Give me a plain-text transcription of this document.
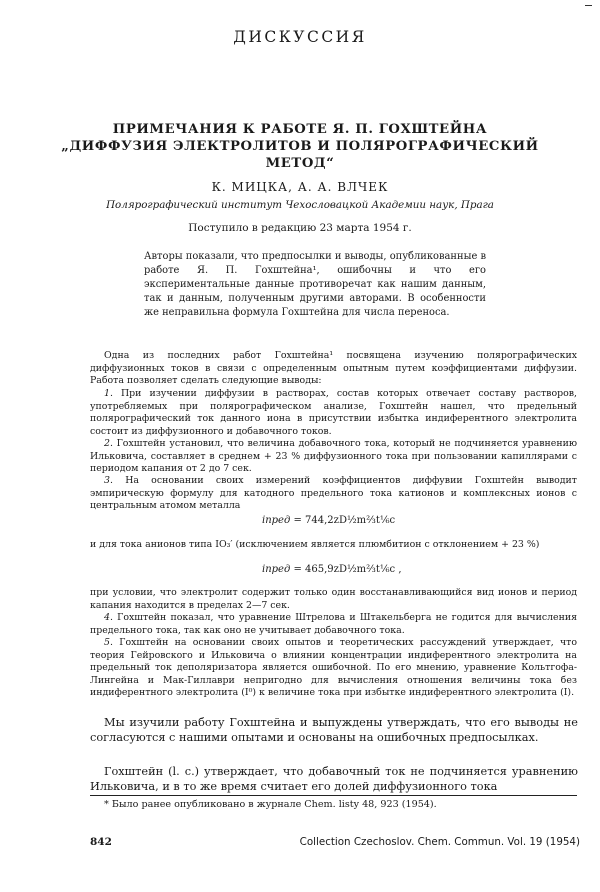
ДИСКУССИЯ
ПРИМЕЧАНИЯ К РАБОТЕ Я. П. ГОХШТЕЙНА
„ДИФФУЗИЯ ЭЛЕКТРОЛИТОВ И ПОЛЯРОГРАФИЧЕСКИЙ
МЕТОД“
К. МИЦКА, А. А. ВЛЧЕК
Полярографический институт Чехословацкой Академии наук, Прага
Поступило в редакцию 23 марта 1954 г.
Авторы показали, что предпосылки и выводы, опубликованные в работе Я. П. Гохштейна¹, ошибочны и что его экспериментальные данные противоречат как нашим данным, так и данным, полученным другими авторами. В особенности же неправильна формула Гохштейна для числа переноса.
Одна из последних работ Гохштейна¹ посвящена изучению полярографических диффузионных токов в связи с определенным опытным путем коэффициентами диффузии. Работа позволяет сделать следующие выводы:
1. При изучении диффузии в растворах, состав которых отвечает составу растворов, употребляемых при полярографическом анализе, Гохштейн нашел, что предельный полярографический ток данного иона в присутствии избытка индиферентного электролита состоит из диффузионного и добавочного токов.
2. Гохштейн установил, что величина добавочного тока, который не подчиняется уравнению Ильковича, составляет в среднем + 23 % диффузионного тока при пользовании капиллярами с периодом капания от 2 до 7 сек.
3. На основании своих измерений коэффициентов диффувии Гохштейн выводит эмпирическую формулу для катодного предельного тока катионов и комплексных ионов с центральным атомом металла
iпред = 744,2zD½m⅔t⅙c
и для тока анионов типа IO₃′ (исключением является плюмбитион с отклонением + 23 %)
iпред = 465,9zD½m⅔t⅙c ,
при условии, что электролит содержит только один восстанавливающийся вид ионов и период капания находится в пределах 2—7 сек.
4. Гохштейн показал, что уравнение Штрелова и Штакельберга не годится для вычисления предельного тока, так как оно не учитывает добавочного тока.
5. Гохштейн на основании своих опытов и теоретических рассуждений утверждает, что теория Гейровского и Ильковича о влиянии концентрации индиферентного электролита на предельный ток деполяризатора является ошибочной. По его мнению, уравнение Кольтгофа-Лингейна и Мак-Гиллаври непригодно для вычисления отношения величины тока без индиферентного электролита (I⁰) к величине тока при избытке индиферентного электролита (I).
Мы изучили работу Гохштейна и выпуждены утверждать, что его выводы не согласуются с нашими опытами и основаны на ошибочных предпосылках.
Гохштейн (l. c.) утверждает, что добавочный ток не подчиняется уравнению Ильковича, и в то же время считает его долей диффузионного тока
* Было ранее опубликовано в журнале Chem. listy 48, 923 (1954).
842	Collection Czechoslov. Chem. Commun. Vol. 19 (1954)
